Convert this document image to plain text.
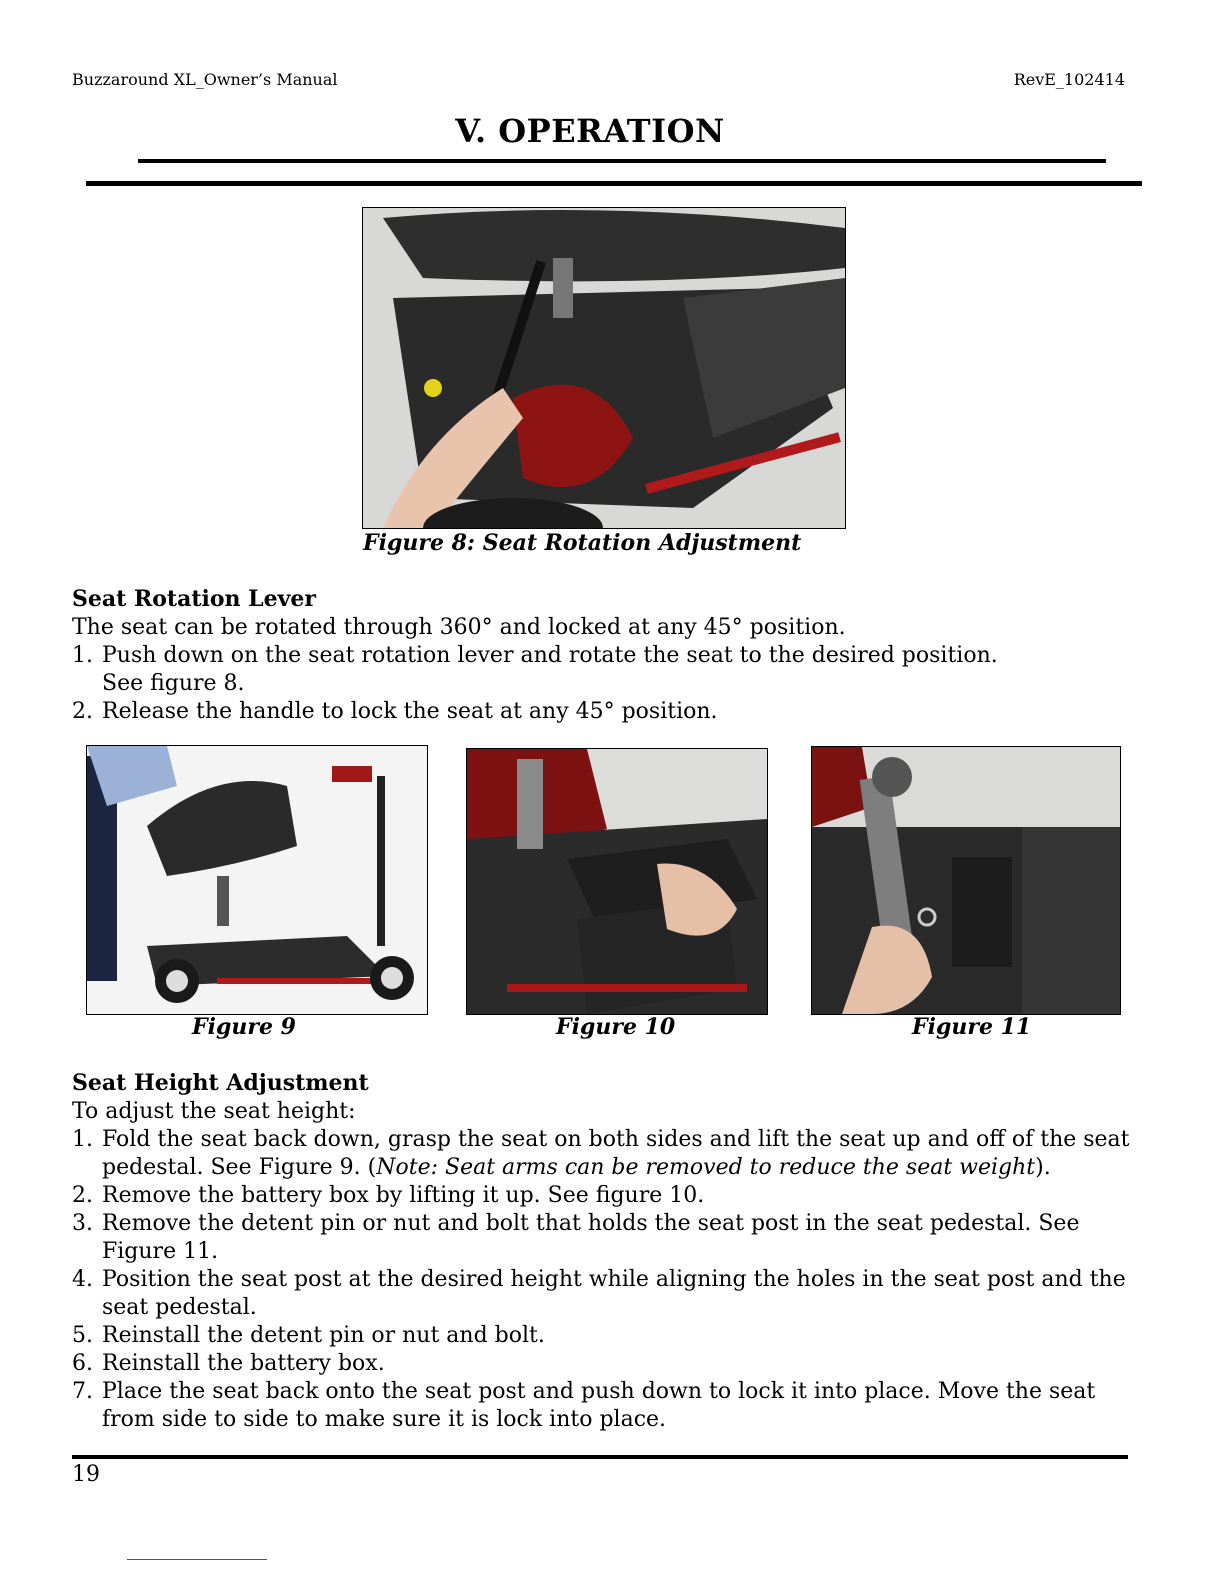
Buzzaround XL_Owner’s Manual	RevE_102414
V. OPERATION
Figure 8: Seat Rotation Adjustment
Seat Rotation Lever
The seat can be rotated through 360° and locked at any 45° position.
1. Push down on the seat rotation lever and rotate the seat to the desired position. See figure 8.
2. Release the handle to lock the seat at any 45° position.
Figure 9	Figure 10	Figure 11
Seat Height Adjustment
To adjust the seat height:
1. Fold the seat back down, grasp the seat on both sides and lift the seat up and off of the seat pedestal. See Figure 9. (Note: Seat arms can be removed to reduce the seat weight).
2. Remove the battery box by lifting it up. See figure 10.
3. Remove the detent pin or nut and bolt that holds the seat post in the seat pedestal. See Figure 11.
4. Position the seat post at the desired height while aligning the holes in the seat post and the seat pedestal.
5. Reinstall the detent pin or nut and bolt.
6. Reinstall the battery box.
7. Place the seat back onto the seat post and push down to lock it into place. Move the seat from side to side to make sure it is lock into place.
19
